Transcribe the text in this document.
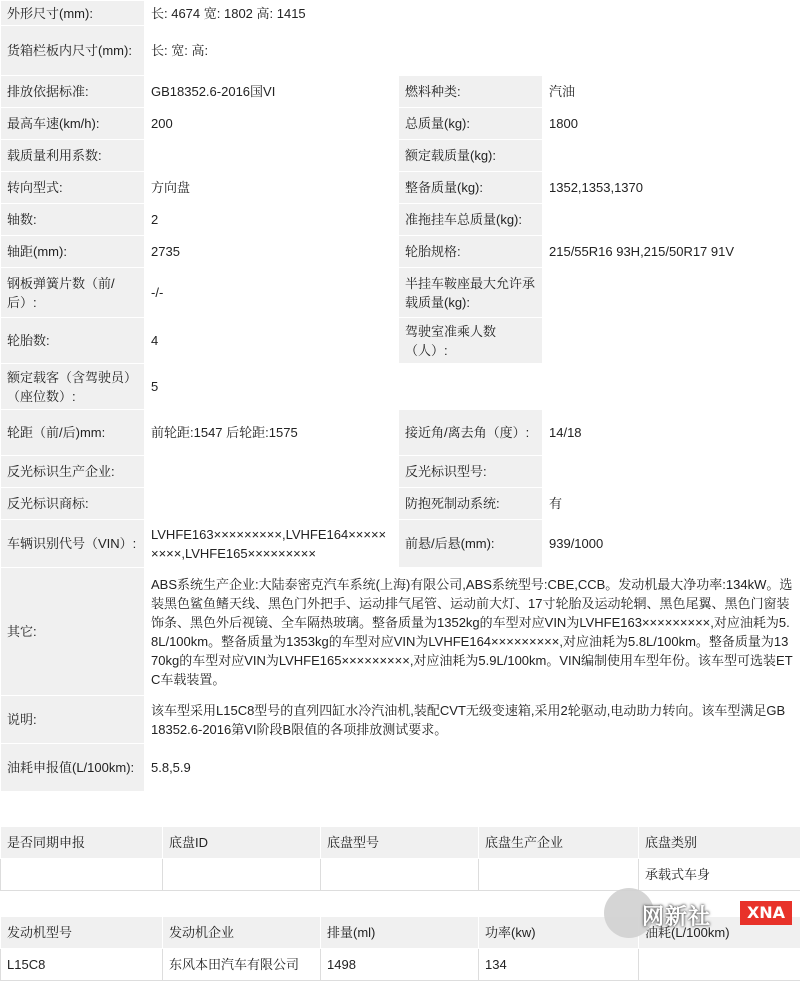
外形尺寸(mm):	长: 4674 宽: 1802 高: 1415		
货箱栏板内尺寸(mm):	长: 宽: 高:		
排放依据标准:	GB18352.6-2016国VI	燃料种类:	汽油
最高车速(km/h):	200	总质量(kg):	1800
载质量利用系数:		额定载质量(kg):	
转向型式:	方向盘	整备质量(kg):	1352,1353,1370
轴数:	2	准拖挂车总质量(kg):	
轴距(mm):	2735	轮胎规格:	215/55R16 93H,215/50R17 91V
钢板弹簧片数（前/后）:	-/-	半挂车鞍座最大允许承载质量(kg):	
轮胎数:	4	驾驶室准乘人数（人）:	
额定载客（含驾驶员）（座位数）:	5		
轮距（前/后)mm:	前轮距:1547 后轮距:1575	接近角/离去角（度）:	14/18
反光标识生产企业:		反光标识型号:	
反光标识商标:		防抱死制动系统:	有
车辆识别代号（VIN）:	LVHFE163×××××××××,LVHFE164×××××××××,LVHFE165×××××××××	前悬/后悬(mm):	939/1000
其它:	ABS系统生产企业:大陆泰密克汽车系统(上海)有限公司,ABS系统型号:CBE,CCB。发动机最大净功率:134kW。选装黑色鲨鱼鳍天线、黑色门外把手、运动排气尾管、运动前大灯、17寸轮胎及运动轮辋、黑色尾翼、黑色门窗装饰条、黑色外后视镜、全车隔热玻璃。整备质量为1352kg的车型对应VIN为LVHFE163×××××××××,对应油耗为5.8L/100km。整备质量为1353kg的车型对应VIN为LVHFE164×××××××××,对应油耗为5.8L/100km。整备质量为1370kg的车型对应VIN为LVHFE165×××××××××,对应油耗为5.9L/100km。VIN编制使用车型年份。该车型可选装ETC车载装置。		
说明:	该车型采用L15C8型号的直列四缸水冷汽油机,装配CVT无级变速箱,采用2轮驱动,电动助力转向。该车型满足GB 18352.6-2016第VI阶段B限值的各项排放测试要求。		
油耗申报值(L/100km):	5.8,5.9		
是否同期申报	底盘ID	底盘型号	底盘生产企业	底盘类别
				承载式车身
发动机型号	发动机企业	排量(ml)	功率(kw)	油耗(L/100km)
L15C8	东风本田汽车有限公司	1498	134	
网新社	XNA
